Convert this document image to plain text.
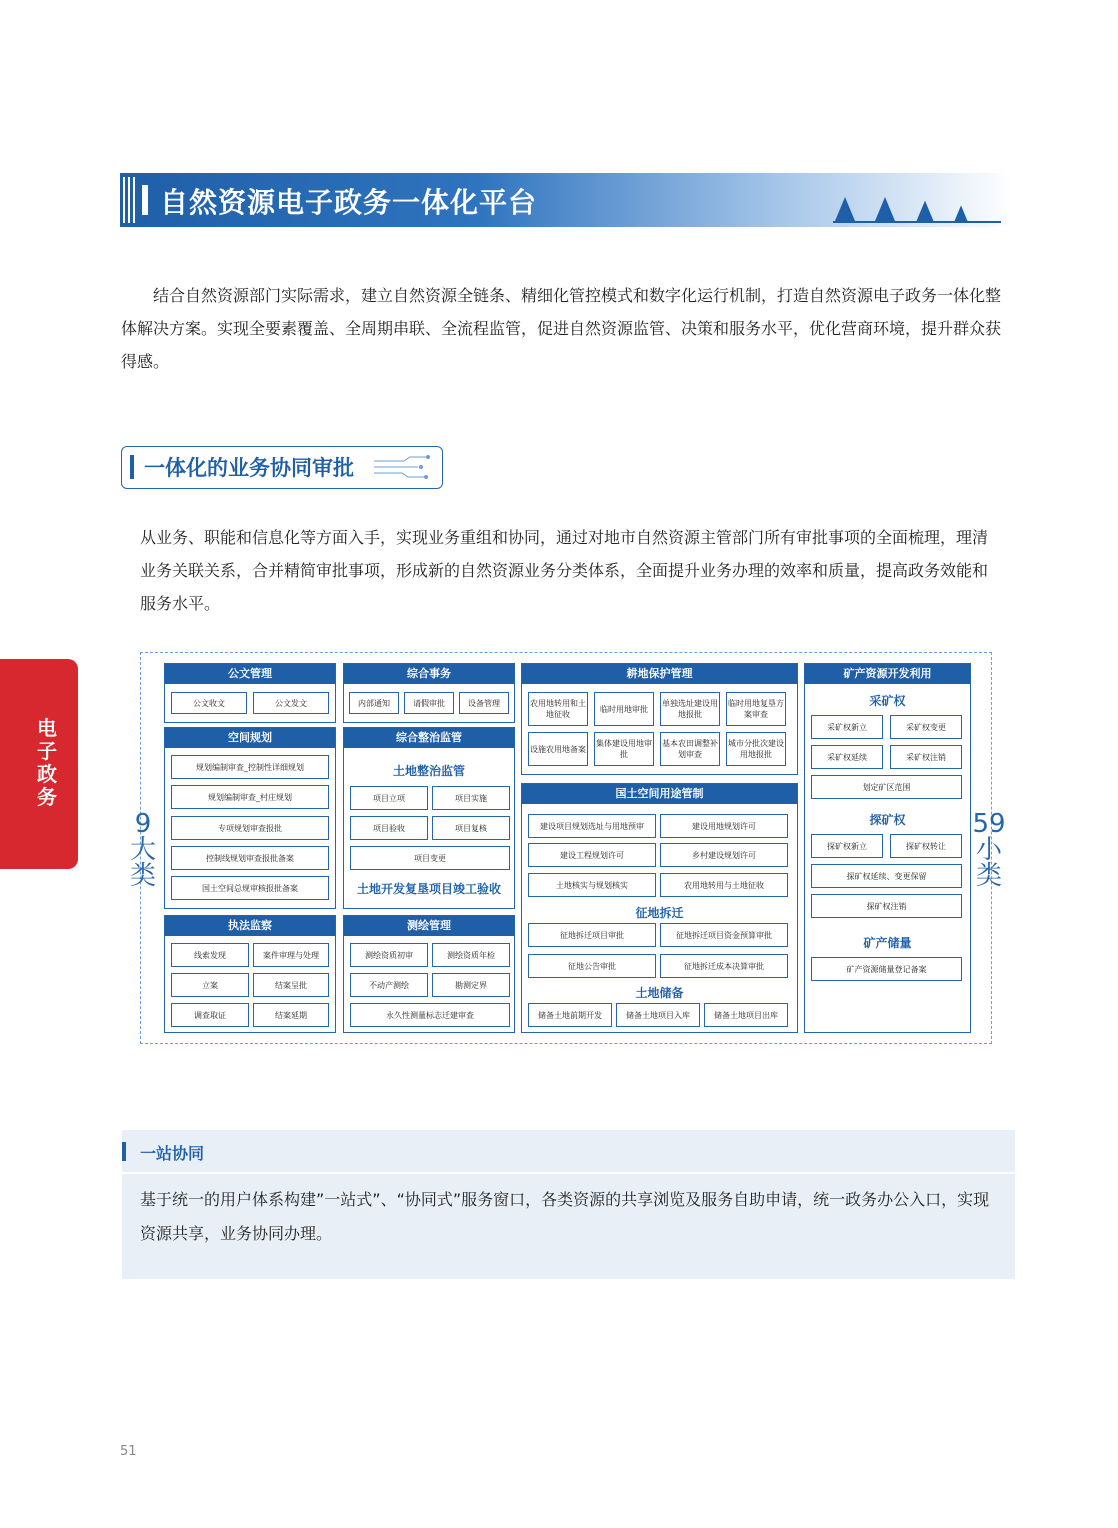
自然资源电子政务一体化平台
结合自然资源部门实际需求，建立自然资源全链条、精细化管控模式和数字化运行机制，打造自然资源电子政务一体化整体解决方案。实现全要素覆盖、全周期串联、全流程监管，促进自然资源监管、决策和服务水平，优化营商环境，提升群众获得感。
一体化的业务协同审批
从业务、职能和信息化等方面入手，实现业务重组和协同，通过对地市自然资源主管部门所有审批事项的全面梳理，理清业务关联关系，合并精简审批事项，形成新的自然资源业务分类体系，全面提升业务办理的效率和质量，提高政务效能和服务水平。
电子政务
9
大
类
59
小
类
公文管理
公文收文	公文发文
综合事务
内部通知	请假审批	设备管理
耕地保护管理
农用地转用和土地征收
临时用地审批
单独选址建设用地报批
临时用地复垦方案审查
设施农用地备案
集体建设用地审批
基本农田调整补划审查
城市分批次建设用地报批
矿产资源开发利用
采矿权
采矿权新立	采矿权变更
采矿权延续	采矿权注销
划定矿区范围
探矿权
探矿权新立	探矿权转让
探矿权延续、变更保留
探矿权注销
矿产储量
矿产资源储量登记备案
空间规划
规划编制审查_控制性详细规划
规划编制审查_村庄规划
专项规划审查报批
控制线规划审查报批备案
国土空间总规审核报批备案
综合整治监管
土地整治监管
项目立项	项目实施
项目验收	项目复核
项目变更
土地开发复垦项目竣工验收
国土空间用途管制
建设项目规划选址与用地预审	建设用地规划许可
建设工程规划许可	乡村建设规划许可
土地核实与规划核实	农用地转用与土地征收
征地拆迁
征地拆迁项目审批	征地拆迁项目资金预算审批
征地公告审批	征地拆迁成本决算审批
土地储备
储备土地前期开发	储备土地项目入库	储备土地项目出库
执法监察
线索发现	案件审理与处理
立案	结案呈批
调查取证	结案延期
测绘管理
测绘资质初审	测绘资质年检
不动产测绘	勘测定界
永久性测量标志迁建审查
一站协同
基于统一的用户体系构建”一站式”、“协同式”服务窗口，各类资源的共享浏览及服务自助申请，统一政务办公入口，实现资源共享，业务协同办理。
51
